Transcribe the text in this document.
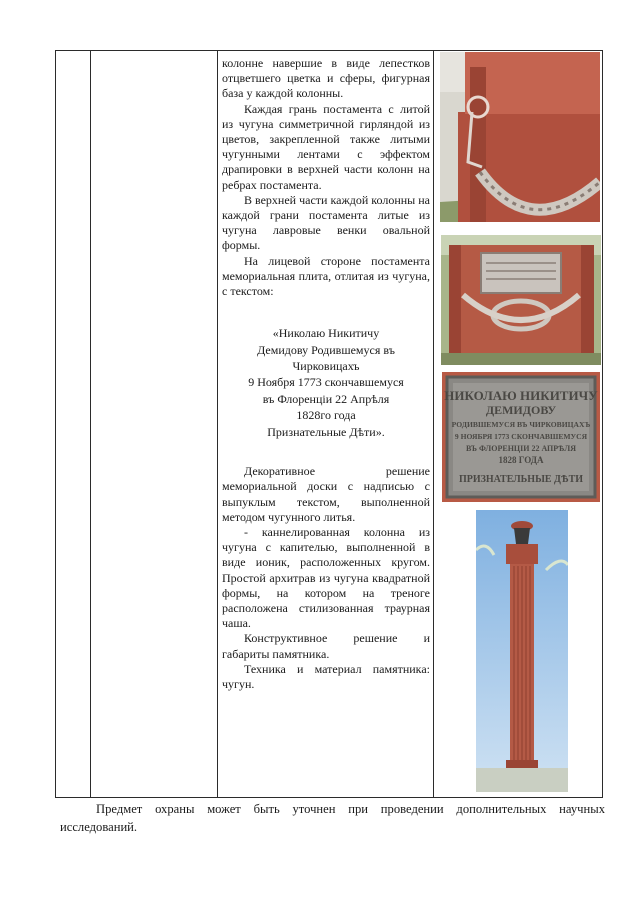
колонне навершие в виде лепестков отцветшего цветка и сферы, фигурная база у каждой колонны.

Каждая грань постамента с литой из чугуна симметричной гирляндой из цветов, закрепленной также литыми чугунными лентами с эффектом драпировки в верхней части колонн на ребрах постамента.

В верхней части каждой колонны на каждой грани постамента литые из чугуна лавровые венки овальной формы.

На лицевой стороне постамента мемориальная плита, отлитая из чугуна, с текстом:

«Николаю Никитичу
Демидову Родившемуся въ
Чирковицахъ
9 Ноября 1773 скончавшемуся
въ Флоренціи 22 Апрѣля
1828го года
Признательные Дѣти».

Декоративное решение мемориальной доски с надписью с выпуклым текстом, выполненной методом чугунного литья.

- каннелированная колонна из чугуна с капителью, выполненной в виде ионик, расположенных кругом. Простой архитрав из чугуна квадратной формы, на котором на треноге расположена стилизованная траурная чаша.

Конструктивное решение и габариты памятника.

Техника и материал памятника: чугун.

НИКОЛАЮ НИКИТИЧУ
ДЕМИДОВУ
РОДИВШЕМУСЯ ВЪ ЧИРКОВИЦАХЪ
9 НОЯБРЯ 1773 СКОНЧАВШЕМУСЯ
ВЪ ФЛОРЕНЦІИ 22 АПРѢЛЯ
1828 ГОДА
ПРИЗНАТЕЛЬНЫЕ ДѢТИ

Предмет охраны может быть уточнен при проведении дополнительных научных исследований.
